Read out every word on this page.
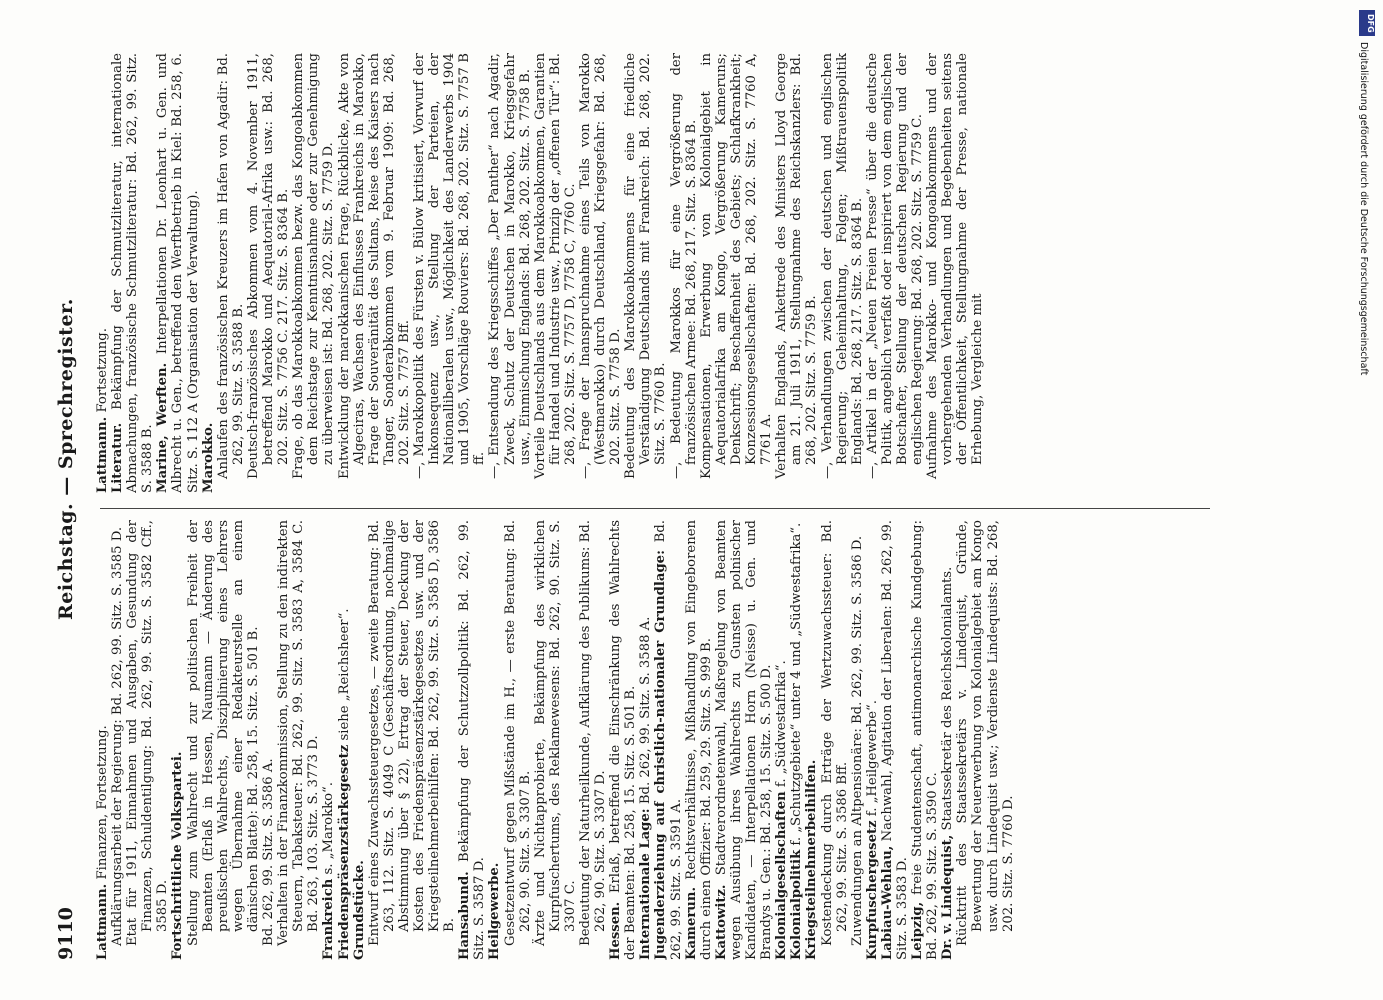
9110
Reichstag. — Sprechregister.

Lattmann. Finanzen, Fortsetzung. Aufklärungsarbeit der Regierung: Bd. 262, 99. Sitz. S. 3585 D. Etat für 1911, Einnahmen und Ausgaben, Gesundung der Finanzen, Schuldentilgung: Bd. 262, 99. Sitz. S. 3582 Cff., 3585 D. Fortschrittliche Volkspartei. Stellung zum Wahlrecht und zur politischen Freiheit der Beamten (Erlaß in Hessen, Naumann — Änderung des preußischen Wahlrechts, Disziplinierung eines Lehrers wegen Übernahme einer Redakteurstelle an einem dänischen Blatte): Bd. 258, 15. Sitz. S. 501 B. Bd. 262, 99. Sitz. S. 3586 A. Verhalten in der Finanzkommission, Stellung zu den indirekten Steuern, Tabaksteuer: Bd. 262, 99. Sitz. S. 3583 A, 3584 C. Bd. 263, 103. Sitz. S. 3773 D. Frankreich s. „Marokko“. Friedenspräsenzstärkegesetz siehe „Reichsheer“.

Grundstücke. Entwurf eines Zuwachssteuergesetzes, — zweite Beratung: Bd. 263, 112. Sitz. S. 4049 C (Geschäftsordnung, nochmalige Abstimmung über § 22), Ertrag der Steuer, Deckung der Kosten des Friedenspräsenzstärkegesetzes usw. und der Kriegsteilnehmerbeihilfen: Bd. 262, 99. Sitz. S. 3585 D, 3586 B. Hansabund. Bekämpfung der Schutzzollpolitik: Bd. 262, 99. Sitz. S. 3587 D. Heilgewerbe. Gesetzentwurf gegen Mißstände im H., — erste Beratung: Bd. 262, 90. Sitz. S. 3307 B. Ärzte und Nichtapprobierte, Bekämpfung des wirklichen Kurpfuschertums, des Reklamewesens: Bd. 262, 90. Sitz. S. 3307 C. Bedeutung der Naturheilkunde, Aufklärung des Publikums: Bd. 262, 90. Sitz. S. 3307 D. Hessen. Erlaß, betreffend die Einschränkung des Wahlrechts der Beamten: Bd. 258, 15. Sitz. S. 501 B. Internationale Lage: Bd. 262, 99. Sitz. S. 3588 A. Jugenderziehung auf christlich-nationaler Grundlage: Bd. 262, 99. Sitz. S. 3591 A. Kamerun. Rechtsverhältnisse, Mißhandlung von Eingeborenen durch einen Offizier: Bd. 259, 29. Sitz. S. 999 B. Kattowitz. Stadtverordnetenwahl, Maßregelung von Beamten wegen Ausübung ihres Wahlrechts zu Gunsten polnischer Kandidaten, — Interpellationen Horn (Neisse) u. Gen. und Brandys u. Gen.: Bd. 258, 15. Sitz. S. 500 D. Kolonialgesellschaften f. „Südwestafrika“.

Kolonialpolitik f. „Schutzgebiete“ unter 4 und „Südwestafrika“.

Kriegsteilnehmerbeihilfen. Kostendeckung durch Erträge der Wertzuwachssteuer: Bd. 262, 99. Sitz. S. 3586 Bff. Zuwendungen an Altpensionäre: Bd. 262, 99. Sitz. S. 3586 D. Kurpfuschergesetz f. „Heilgewerbe“.

Labiau-Wehlau, Nachwahl, Agitation der Liberalen: Bd. 262, 99. Sitz. S. 3583 D. Leipzig, freie Studentenschaft, antimonarchische Kundgebung: Bd. 262, 99. Sitz. S. 3590 C. Dr. v. Lindequist, Staatssekretär des Reichskolonialamts. Rücktritt des Staatssekretärs v. Lindequist, Gründe, Bewertung der Neuerwerbung von Kolonialgebiet am Kongo usw. durch Lindequist usw.; Verdienste Lindequists: Bd. 268, 202. Sitz. S. 7760 D.

Lattmann. Fortsetzung.

Literatur. Bekämpfung der Schmutzliteratur, internationale Abmachungen, französische Schmutzliteratur: Bd. 262, 99. Sitz. S. 3588 B. Marine, Werften. Interpellationen Dr. Leonhart u. Gen. und Albrecht u. Gen., betreffend den Werftbetrieb in Kiel: Bd. 258, 6. Sitz. S. 112 A (Organisation der Verwaltung). Marokko. Anlaufen des französischen Kreuzers im Hafen von Agadir: Bd. 262, 99. Sitz. S. 3588 B. Deutsch-französisches Abkommen vom 4. November 1911, betreffend Marokko und Aequatorial-Afrika usw.: Bd. 268, 202. Sitz. S. 7756 C. 217. Sitz. S. 8364 B. Frage, ob das Marokkoabkommen bezw. das Kongoabkommen dem Reichstage zur Kenntnisnahme oder zur Genehmigung zu überweisen ist: Bd. 268, 202. Sitz. S. 7759 D. Entwicklung der marokkanischen Frage, Rückblicke, Akte von Algeciras, Wachsen des Einflusses Frankreichs in Marokko, Frage der Souveränität des Sultans, Reise des Kaisers nach Tanger, Sonderabkommen vom 9. Februar 1909: Bd. 268, 202. Sitz. S. 7757 Bff. —, Marokkopolitik des Fürsten v. Bülow kritisiert, Vorwurf der Inkonsequenz usw., Stellung der Parteien, der Nationalliberalen usw., Möglichkeit des Landerwerbs 1904 und 1905, Vorschläge Rouviers: Bd. 268, 202. Sitz. S. 7757 B ff. —, Entsendung des Kriegsschiffes „Der Panther“ nach Agadir, Zweck, Schutz der Deutschen in Marokko, Kriegsgefahr usw., Einmischung Englands: Bd. 268, 202. Sitz. S. 7758 B. Vorteile Deutschlands aus dem Marokkoabkommen, Garantien für Handel und Industrie usw., Prinzip der „offenen Tür“: Bd. 268, 202. Sitz. S. 7757 D, 7758 C, 7760 C. —, Frage der Inanspruchnahme eines Teils von Marokko (Westmarokko) durch Deutschland, Kriegsgefahr: Bd. 268, 202. Sitz. S. 7758 D. Bedeutung des Marokkoabkommens für eine friedliche Verständigung Deutschlands mit Frankreich: Bd. 268, 202. Sitz. S. 7760 B. —, Bedeutung Marokkos für eine Vergrößerung der französischen Armee: Bd. 268, 217. Sitz. S. 8364 B. Kompensationen, Erwerbung von Kolonialgebiet in Aequatorialafrika am Kongo, Vergrößerung Kameruns; Denkschrift; Beschaffenheit des Gebiets; Schlafkrankheit; Konzessionsgesellschaften: Bd. 268, 202. Sitz. S. 7760 A, 7761 A. Verhalten Englands, Ankettrede des Ministers Lloyd George am 21. Juli 1911, Stellungnahme des Reichskanzlers: Bd. 268, 202. Sitz. S. 7759 B. —, Verhandlungen zwischen der deutschen und englischen Regierung; Geheimhaltung, Folgen; Mißtrauenspolitik Englands: Bd. 268, 217. Sitz. S. 8364 B. —, Artikel in der „Neuen Freien Presse“ über die deutsche Politik, angeblich verfaßt oder inspiriert von dem englischen Botschafter, Stellung der deutschen Regierung und der englischen Regierung: Bd. 268, 202. Sitz. S. 7759 C. Aufnahme des Marokko- und Kongoabkommens und der vorhergehenden Verhandlungen und Begebenheiten seitens der Öffentlichkeit, Stellungnahme der Presse, nationale Erhebung, Vergleiche mit

DFG
Digitalisierung gefördert durch die Deutsche Forschungsgemeinschaft
